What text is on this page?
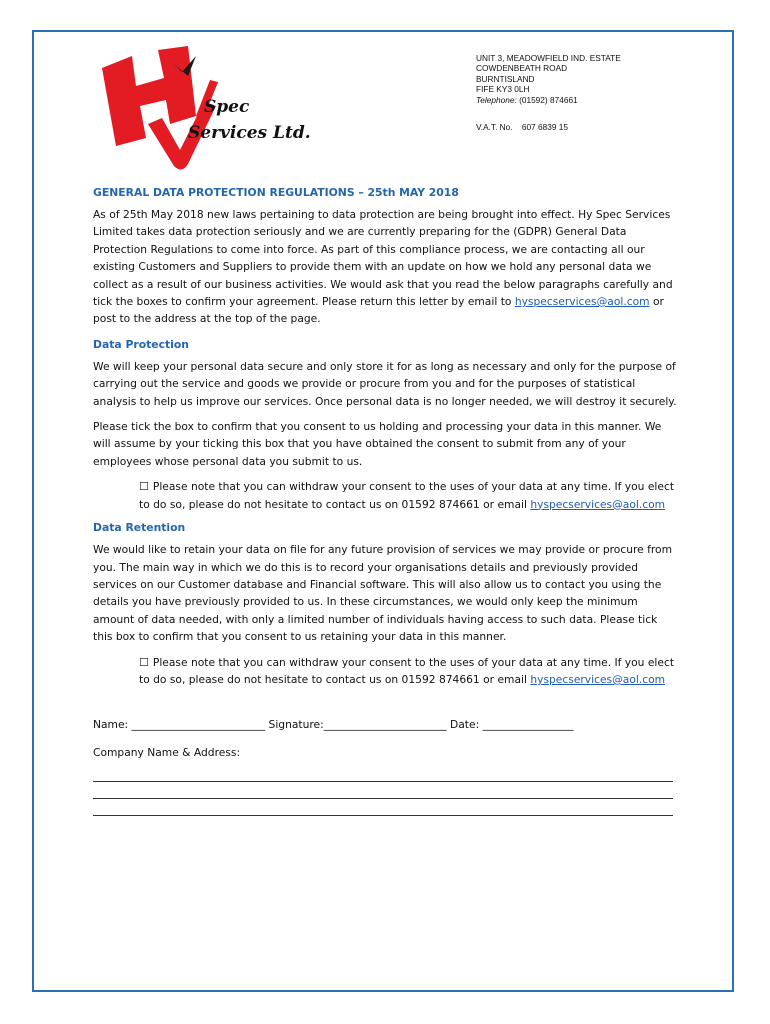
Spec
Services Ltd.
UNIT 3, MEADOWFIELD IND. ESTATE
COWDENBEATH ROAD
BURNTISLAND
FIFE KY3 0LH
Telephone: (01592) 874661
V.A.T. No. 607 6839 15
GENERAL DATA PROTECTION REGULATIONS – 25th MAY 2018

As of 25th May 2018 new laws pertaining to data protection are being brought into effect. Hy Spec Services Limited takes data protection seriously and we are currently preparing for the (GDPR) General Data Protection Regulations to come into force. As part of this compliance process, we are contacting all our existing Customers and Suppliers to provide them with an update on how we hold any personal data we collect as a result of our business activities. We would ask that you read the below paragraphs carefully and tick the boxes to confirm your agreement. Please return this letter by email to hyspecservices@aol.com or post to the address at the top of the page.

Data Protection

We will keep your personal data secure and only store it for as long as necessary and only for the purpose of carrying out the service and goods we provide or procure from you and for the purposes of statistical analysis to help us improve our services. Once personal data is no longer needed, we will destroy it securely.

Please tick the box to confirm that you consent to us holding and processing your data in this manner. We will assume by your ticking this box that you have obtained the consent to submit from any of your employees whose personal data you submit to us.

☐ Please note that you can withdraw your consent to the uses of your data at any time. If you elect to do so, please do not hesitate to contact us on 01592 874661 or email hyspecservices@aol.com

Data Retention

We would like to retain your data on file for any future provision of services we may provide or procure from you. The main way in which we do this is to record your organisations details and previously provided services on our Customer database and Financial software. This will also allow us to contact you using the details you have previously provided to us. In these circumstances, we would only keep the minimum amount of data needed, with only a limited number of individuals having access to such data. Please tick this box to confirm that you consent to us retaining your data in this manner.

☐ Please note that you can withdraw your consent to the uses of your data at any time. If you elect to do so, please do not hesitate to contact us on 01592 874661 or email hyspecservices@aol.com

Name: _________________________ Signature:_______________________ Date: _________________
Company Name & Address:
